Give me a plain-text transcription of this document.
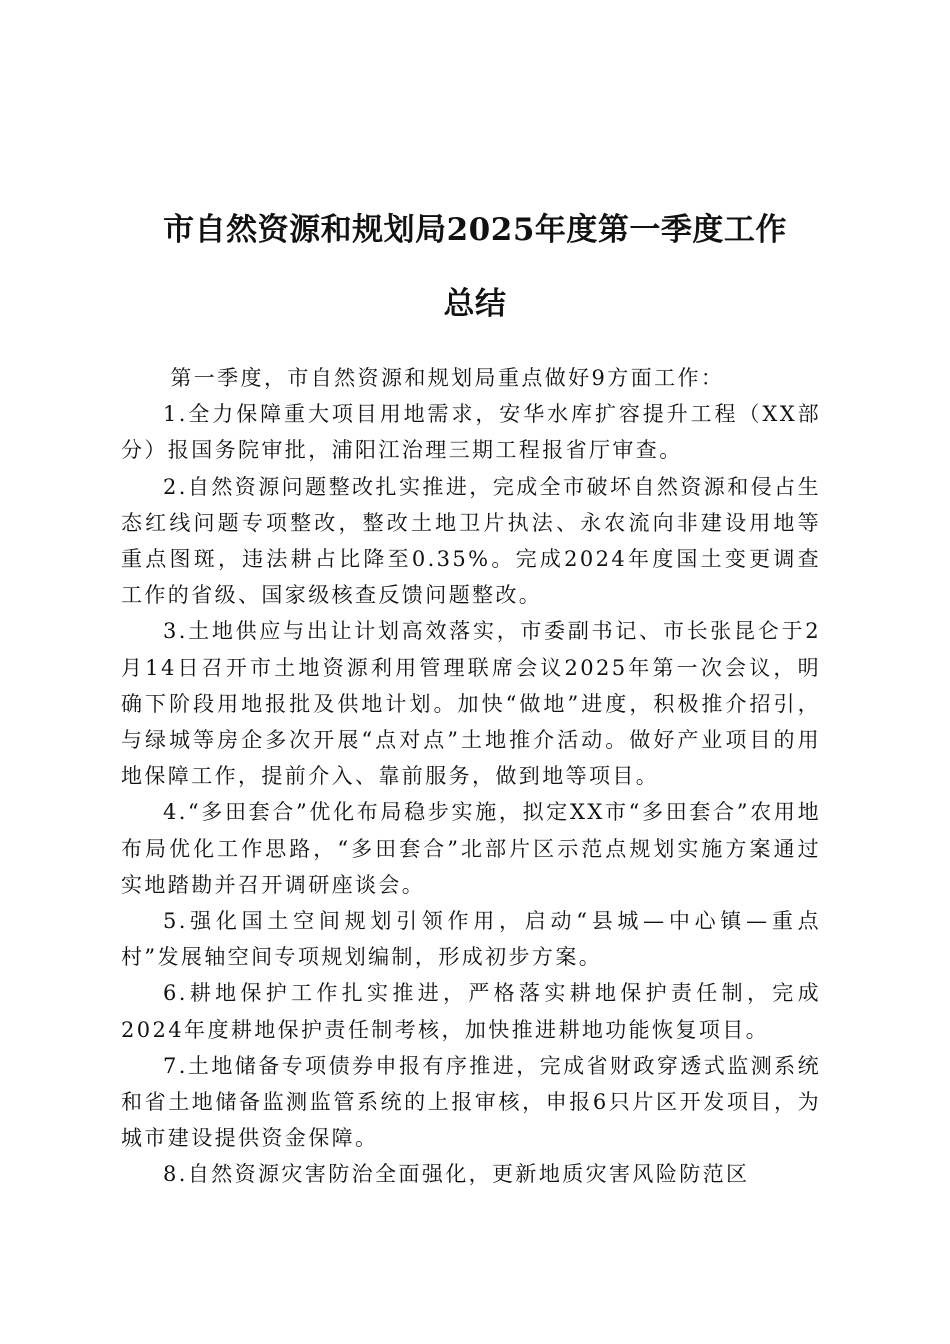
市自然资源和规划局2025年度第一季度工作
总结

第一季度，市自然资源和规划局重点做好9方面工作：

1.全力保障重大项目用地需求，安华水库扩容提升工程（XX部分）报国务院审批，浦阳江治理三期工程报省厅审查。

2.自然资源问题整改扎实推进，完成全市破坏自然资源和侵占生态红线问题专项整改，整改土地卫片执法、永农流向非建设用地等重点图斑，违法耕占比降至0.35%。完成2024年度国土变更调查工作的省级、国家级核查反馈问题整改。

3.土地供应与出让计划高效落实，市委副书记、市长张昆仑于2月14日召开市土地资源利用管理联席会议2025年第一次会议，明确下阶段用地报批及供地计划。加快“做地”进度，积极推介招引，与绿城等房企多次开展“点对点”土地推介活动。做好产业项目的用地保障工作，提前介入、靠前服务，做到地等项目。

4.“多田套合”优化布局稳步实施，拟定XX市“多田套合”农用地布局优化工作思路，“多田套合”北部片区示范点规划实施方案通过实地踏勘并召开调研座谈会。

5.强化国土空间规划引领作用，启动“县城—中心镇—重点村”发展轴空间专项规划编制，形成初步方案。

6.耕地保护工作扎实推进，严格落实耕地保护责任制，完成2024年度耕地保护责任制考核，加快推进耕地功能恢复项目。

7.土地储备专项债券申报有序推进，完成省财政穿透式监测系统和省土地储备监测监管系统的上报审核，申报6只片区开发项目，为城市建设提供资金保障。

8.自然资源灾害防治全面强化，更新地质灾害风险防范区
